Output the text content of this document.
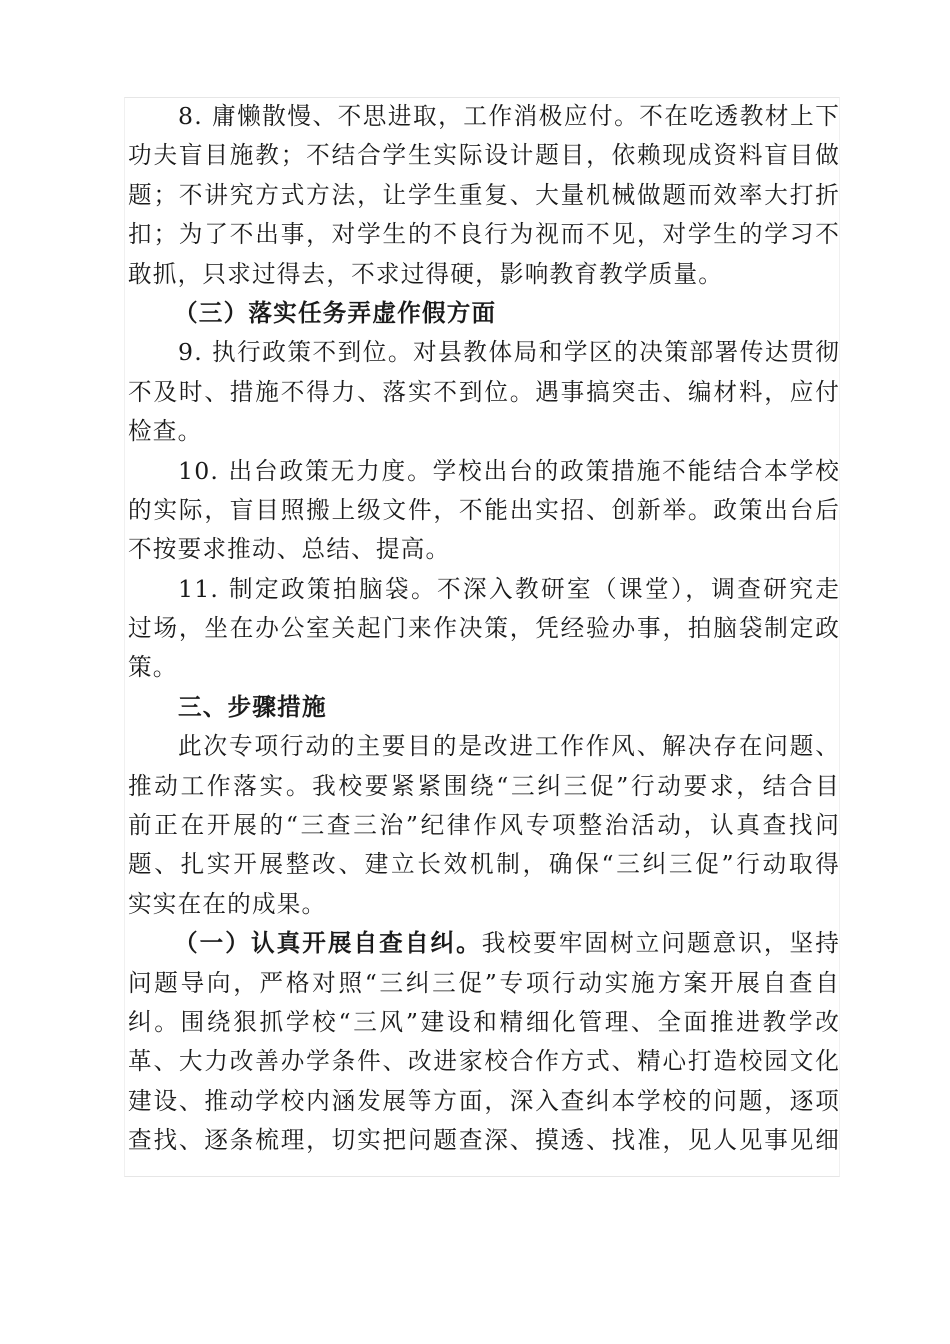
8. 庸懒散慢、不思进取，工作消极应付。不在吃透教材上下
功夫盲目施教；不结合学生实际设计题目，依赖现成资料盲目做
题；不讲究方式方法，让学生重复、大量机械做题而效率大打折
扣；为了不出事，对学生的不良行为视而不见，对学生的学习不
敢抓，只求过得去，不求过得硬，影响教育教学质量。
（三）落实任务弄虚作假方面
9. 执行政策不到位。对县教体局和学区的决策部署传达贯彻
不及时、措施不得力、落实不到位。遇事搞突击、编材料，应付
检查。
10. 出台政策无力度。学校出台的政策措施不能结合本学校
的实际，盲目照搬上级文件，不能出实招、创新举。政策出台后
不按要求推动、总结、提高。
11. 制定政策拍脑袋。不深入教研室（课堂），调查研究走
过场，坐在办公室关起门来作决策，凭经验办事，拍脑袋制定政
策。
三、步骤措施
此次专项行动的主要目的是改进工作作风、解决存在问题、
推动工作落实。我校要紧紧围绕“三纠三促”行动要求，结合目
前正在开展的“三查三治”纪律作风专项整治活动，认真查找问
题、扎实开展整改、建立长效机制，确保“三纠三促”行动取得
实实在在的成果。
（一）认真开展自查自纠。我校要牢固树立问题意识，坚持
问题导向，严格对照“三纠三促”专项行动实施方案开展自查自
纠。围绕狠抓学校“三风”建设和精细化管理、全面推进教学改
革、大力改善办学条件、改进家校合作方式、精心打造校园文化
建设、推动学校内涵发展等方面，深入查纠本学校的问题，逐项
查找、逐条梳理，切实把问题查深、摸透、找准，见人见事见细
